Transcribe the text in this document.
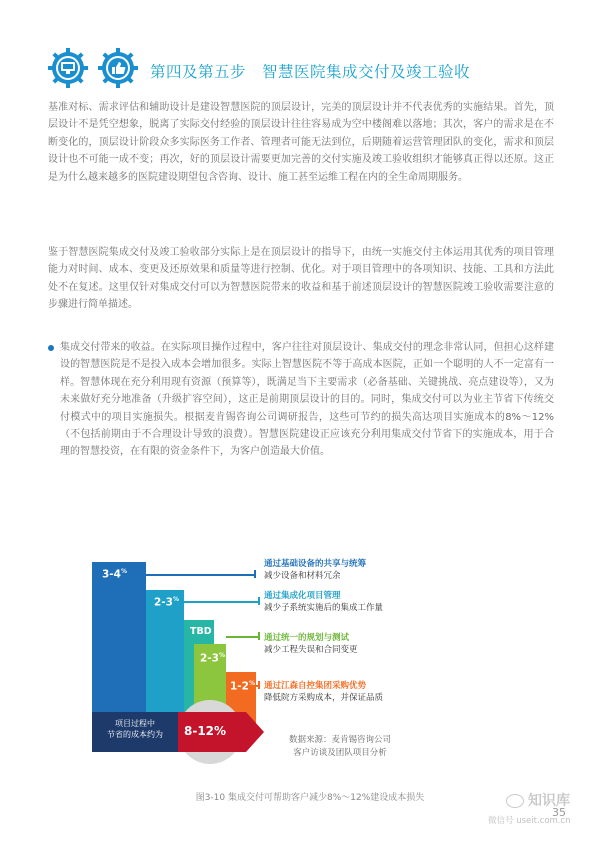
第四及第五步　智慧医院集成交付及竣工验收
基准对标、需求评估和辅助设计是建设智慧医院的顶层设计，完美的顶层设计并不代表优秀的实施结果。首先，顶层设计不是凭空想象，脱离了实际交付经验的顶层设计往往容易成为空中楼阁难以落地；其次，客户的需求是在不断变化的，顶层设计阶段众多实际医务工作者、管理者可能无法到位，后期随着运营管理团队的变化，需求和顶层设计也不可能一成不变；再次，好的顶层设计需要更加完善的交付实施及竣工验收组织才能够真正得以还原。这正是为什么越来越多的医院建设期望包含咨询、设计、施工甚至运维工程在内的全生命周期服务。
鉴于智慧医院集成交付及竣工验收部分实际上是在顶层设计的指导下，由统一实施交付主体运用其优秀的项目管理能力对时间、成本、变更及还原效果和质量等进行控制、优化。对于项目管理中的各项知识、技能、工具和方法此处不在复述。这里仅针对集成交付可以为智慧医院带来的收益和基于前述顶层设计的智慧医院竣工验收需要注意的步骤进行简单描述。
集成交付带来的收益。在实际项目操作过程中，客户往往对顶层设计、集成交付的理念非常认同，但担心这样建设的智慧医院是不是投入成本会增加很多。实际上智慧医院不等于高成本医院，正如一个聪明的人不一定富有一样。智慧体现在充分利用现有资源（预算等），既满足当下主要需求（必备基础、关键挑战、亮点建设等），又为未来做好充分地准备（升级扩容空间），这正是前期顶层设计的目的。同时，集成交付可以为业主节省下传统交付模式中的项目实施损失。根据麦肯锡咨询公司调研报告，这些可节约的损失高达项目实施成本的8%～12%（不包括前期由于不合理设计导致的浪费）。智慧医院建设正应该充分利用集成交付节省下的实施成本，用于合理的智慧投资，在有限的资金条件下，为客户创造最大价值。
3-4%
2-3%
TBD
2-3%
1-2%
项目过程中
节省的成本约为	8-12%
通过基础设备的共享与统筹
减少设备和材料冗余
通过集成化项目管理
减少子系统实施后的集成工作量
通过统一的规划与测试
减少工程失误和合同变更
通过江森自控集团采购优势
降低院方采购成本，并保证品质
数据来源：麦肯锡咨询公司
客户访谈及团队项目分析
图3-10 集成交付可帮助客户减少8%～12%建设成本损失	知识库
微信号 useit.com.cn
35
